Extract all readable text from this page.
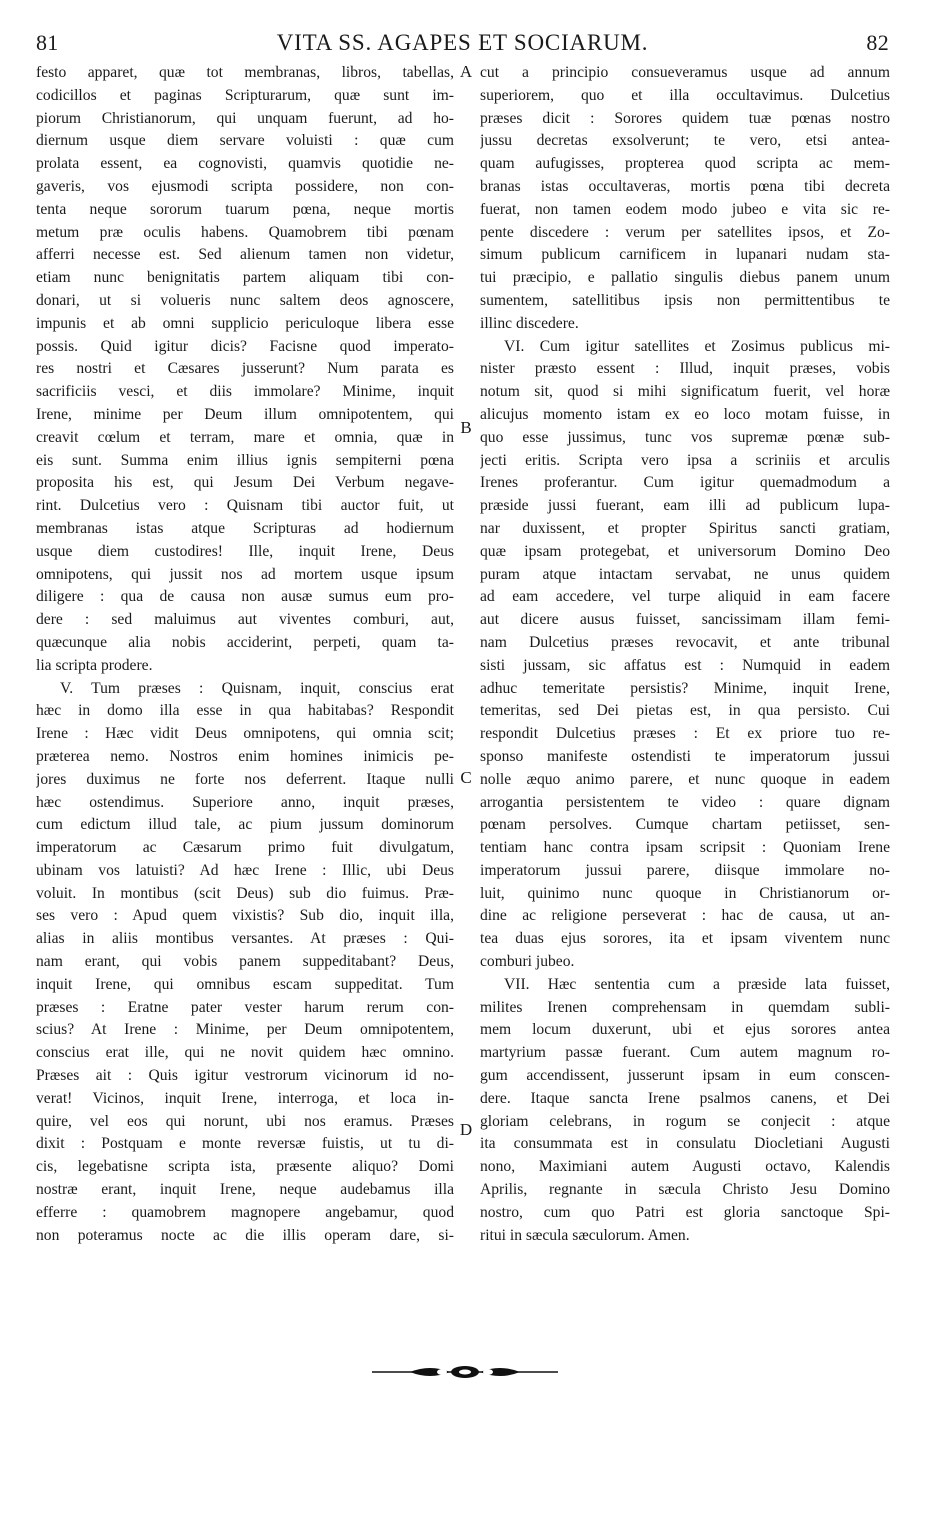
81	VITA SS. AGAPES ET SOCIARUM.	82
festo apparet, quæ tot membranas, libros, tabellas,
codicillos et paginas Scripturarum, quæ sunt im-
piorum Christianorum, qui unquam fuerunt, ad ho-
diernum usque diem servare voluisti : quæ cum
prolata essent, ea cognovisti, quamvis quotidie ne-
gaveris, vos ejusmodi scripta possidere, non con-
tenta neque sororum tuarum pœna, neque mortis
metum præ oculis habens. Quamobrem tibi pœnam
afferri necesse est. Sed alienum tamen non videtur,
etiam nunc benignitatis partem aliquam tibi con-
donari, ut si volueris nunc saltem deos agnoscere,
impunis et ab omni supplicio periculoque libera esse
possis. Quid igitur dicis? Facisne quod imperato-
res nostri et Cæsares jusserunt? Num parata es
sacrificiis vesci, et diis immolare? Minime, inquit
Irene, minime per Deum illum omnipotentem, qui
creavit cœlum et terram, mare et omnia, quæ in
eis sunt. Summa enim illius ignis sempiterni pœna
proposita his est, qui Jesum Dei Verbum negave-
rint. Dulcetius vero : Quisnam tibi auctor fuit, ut
membranas istas atque Scripturas ad hodiernum
usque diem custodires! Ille, inquit Irene, Deus
omnipotens, qui jussit nos ad mortem usque ipsum
diligere : qua de causa non ausæ sumus eum pro-
dere : sed maluimus aut viventes comburi, aut,
quæcunque alia nobis acciderint, perpeti, quam ta-
lia scripta prodere.
V. Tum præses : Quisnam, inquit, conscius erat
hæc in domo illa esse in qua habitabas? Respondit
Irene : Hæc vidit Deus omnipotens, qui omnia scit;
præterea nemo. Nostros enim homines inimicis pe-
jores duximus ne forte nos deferrent. Itaque nulli
hæc ostendimus. Superiore anno, inquit præses,
cum edictum illud tale, ac pium jussum dominorum
imperatorum ac Cæsarum primo fuit divulgatum,
ubinam vos latuisti? Ad hæc Irene : Illic, ubi Deus
voluit. In montibus (scit Deus) sub dio fuimus. Præ-
ses vero : Apud quem vixistis? Sub dio, inquit illa,
alias in aliis montibus versantes. At præses : Qui-
nam erant, qui vobis panem suppeditabant? Deus,
inquit Irene, qui omnibus escam suppeditat. Tum
præses : Eratne pater vester harum rerum con-
scius? At Irene : Minime, per Deum omnipotentem,
conscius erat ille, qui ne novit quidem hæc omnino.
Præses ait : Quis igitur vestrorum vicinorum id no-
verat! Vicinos, inquit Irene, interroga, et loca in-
quire, vel eos qui norunt, ubi nos eramus. Præses
dixit : Postquam e monte reversæ fuistis, ut tu di-
cis, legebatisne scripta ista, præsente aliquo? Domi
nostræ erant, inquit Irene, neque audebamus illa
efferre : quamobrem magnopere angebamur, quod
non poteramus nocte ac die illis operam dare, si-
cut a principio consueveramus usque ad annum
superiorem, quo et illa occultavimus. Dulcetius
præses dicit : Sorores quidem tuæ pœnas nostro
jussu decretas exsolverunt; te vero, etsi antea-
quam aufugisses, propterea quod scripta ac mem-
branas istas occultaveras, mortis pœna tibi decreta
fuerat, non tamen eodem modo jubeo e vita sic re-
pente discedere : verum per satellites ipsos, et Zo-
simum publicum carnificem in lupanari nudam sta-
tui præcipio, e pallatio singulis diebus panem unum
sumentem, satellitibus ipsis non permittentibus te
illinc discedere.
VI. Cum igitur satellites et Zosimus publicus mi-
nister præsto essent : Illud, inquit præses, vobis
notum sit, quod si mihi significatum fuerit, vel horæ
alicujus momento istam ex eo loco motam fuisse, in
quo esse jussimus, tunc vos supremæ pœnæ sub-
jecti eritis. Scripta vero ipsa a scriniis et arculis
Irenes proferantur. Cum igitur quemadmodum a
præside jussi fuerant, eam illi ad publicum lupa-
nar duxissent, et propter Spiritus sancti gratiam,
quæ ipsam protegebat, et universorum Domino Deo
puram atque intactam servabat, ne unus quidem
ad eam accedere, vel turpe aliquid in eam facere
aut dicere ausus fuisset, sancissimam illam femi-
nam Dulcetius præses revocavit, et ante tribunal
sisti jussam, sic affatus est : Numquid in eadem
adhuc temeritate persistis? Minime, inquit Irene,
temeritas, sed Dei pietas est, in qua persisto. Cui
respondit Dulcetius præses : Et ex priore tuo re-
sponso manifeste ostendisti te imperatorum jussui
nolle æquo animo parere, et nunc quoque in eadem
arrogantia persistentem te video : quare dignam
pœnam persolves. Cumque chartam petiisset, sen-
tentiam hanc contra ipsam scripsit : Quoniam Irene
imperatorum jussui parere, diisque immolare no-
luit, quinimo nunc quoque in Christianorum or-
dine ac religione perseverat : hac de causa, ut an-
tea duas ejus sorores, ita et ipsam viventem nunc
comburi jubeo.
VII. Hæc sententia cum a præside lata fuisset,
milites Irenen comprehensam in quemdam subli-
mem locum duxerunt, ubi et ejus sorores antea
martyrium passæ fuerant. Cum autem magnum ro-
gum accendissent, jusserunt ipsam in eum conscen-
dere. Itaque sancta Irene psalmos canens, et Dei
gloriam celebrans, in rogum se conjecit : atque
ita consummata est in consulatu Diocletiani Augusti
nono, Maximiani autem Augusti octavo, Kalendis
Aprilis, regnante in sæcula Christo Jesu Domino
nostro, cum quo Patri est gloria sanctoque Spi-
ritui in sæcula sæculorum. Amen.
A
B
C
D
